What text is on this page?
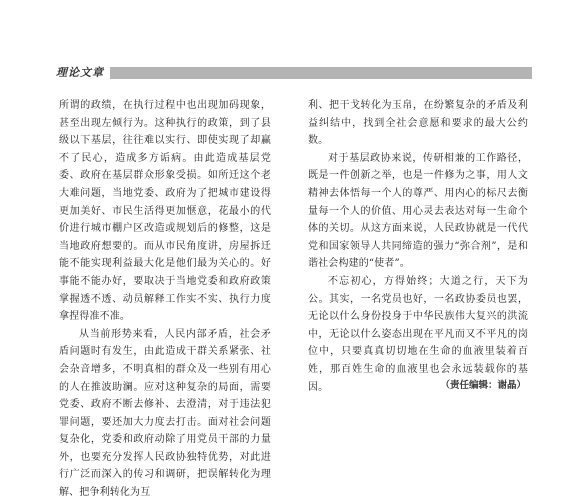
理论文章

所谓的政绩，在执行过程中也出现加码现象，甚至出现左倾行为。这种执行的政策，到了县级以下基层，往往难以实行、即使实现了却赢不了民心，造成多方诟病。由此造成基层党委、政府在基层群众形象受损。如所迁这个老大难问题，当地党委、政府为了把城市建设得更加美好、市民生活得更加惬意，花最小的代价进行城市棚户区改造或规划后的修整，这是当地政府想要的。而从市民角度讲，房屋拆迁能不能实现利益最大化是他们最为关心的。好事能不能办好，要取决于当地党委和政府政策掌握透不透、动员解释工作实不实、执行力度拿捏得准不准。

从当前形势来看，人民内部矛盾，社会矛盾问题时有发生，由此造成干群关系紧张、社会杂音增多，不明真相的群众及一些别有用心的人在推波助澜。应对这种复杂的局面，需要党委、政府不断去修补、去澄清，对于违法犯罪问题，要还加大力度去打击。面对社会问题复杂化，党委和政府动除了用党员干部的力量外，也要充分发挥人民政协独特优势，对此进行广泛而深入的传习和调研，把误解转化为理解、把争利转化为互

利、把干戈转化为玉帛，在纷繁复杂的矛盾及利益纠结中，找到全社会意愿和要求的最大公约数。

对于基层政协来说，传研相兼的工作路径，既是一件创新之举，也是一件修为之事，用人文精神去体悟每一个人的尊严、用内心的标尺去衡量每一个人的价值、用心灵去表达对每一生命个体的关切。从这方面来说，人民政协就是一代代党和国家领导人共同缔造的强力“弥合剂”，是和谐社会构建的“使者”。

不忘初心，方得始终；大道之行，天下为公。其实，一名党员也好，一名政协委员也罢，无论以什么身份投身于中华民族伟大复兴的洪流中，无论以什么姿态出现在平凡而又不平凡的岗位中，只要真真切切地在生命的血液里装着百姓，那百姓生命的血液里也会永远装载你的基因。	（责任编辑：谢晶）
